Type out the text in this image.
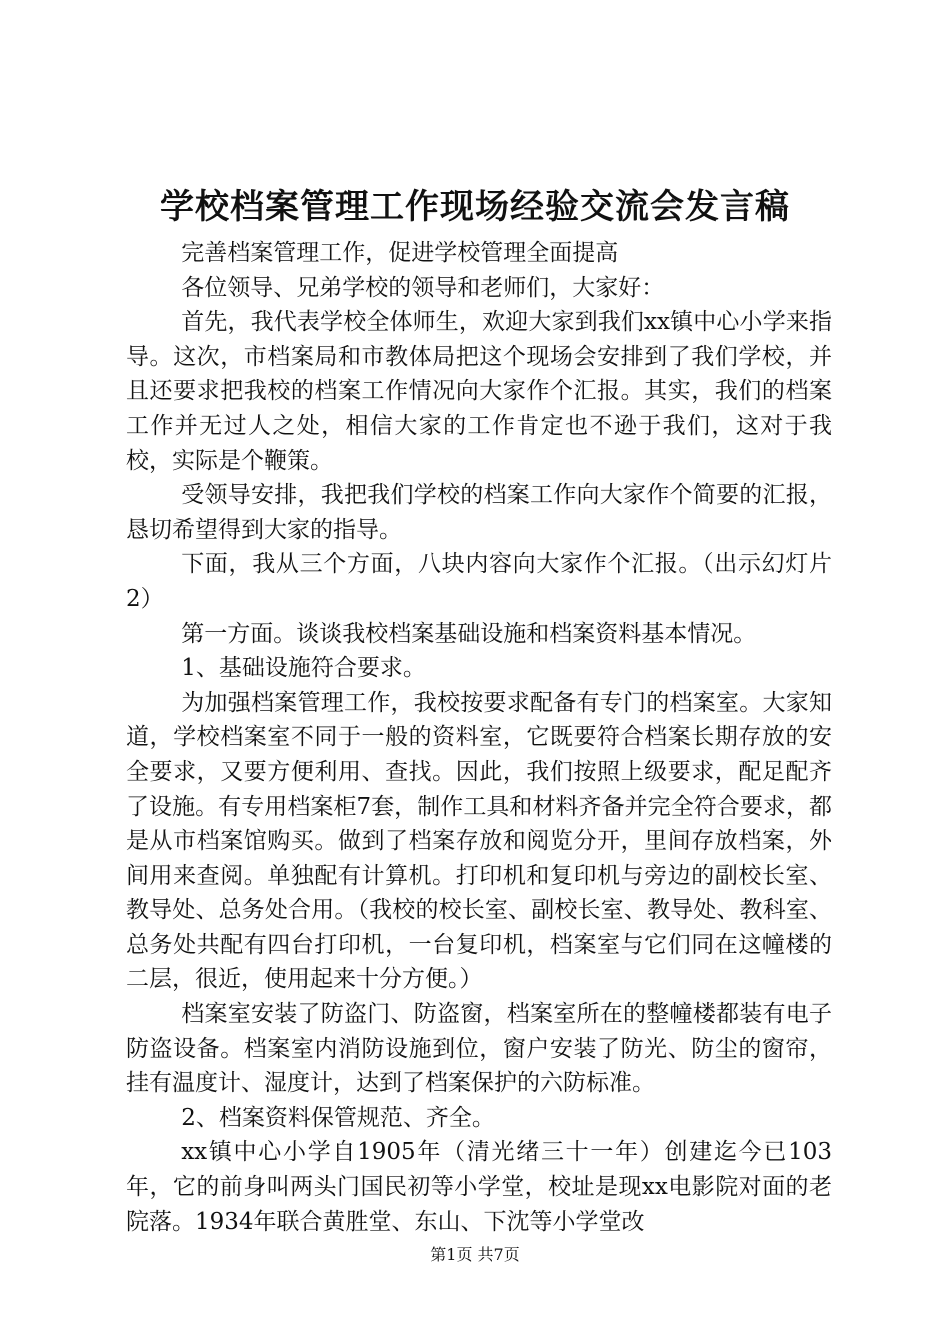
学校档案管理工作现场经验交流会发言稿

完善档案管理工作，促进学校管理全面提高

各位领导、兄弟学校的领导和老师们，大家好：

首先，我代表学校全体师生，欢迎大家到我们xx镇中心小学来指导。这次，市档案局和市教体局把这个现场会安排到了我们学校，并且还要求把我校的档案工作情况向大家作个汇报。其实，我们的档案工作并无过人之处，相信大家的工作肯定也不逊于我们，这对于我校，实际是个鞭策。

受领导安排，我把我们学校的档案工作向大家作个简要的汇报，恳切希望得到大家的指导。

下面，我从三个方面，八块内容向大家作个汇报。（出示幻灯片2）

第一方面。谈谈我校档案基础设施和档案资料基本情况。

1、基础设施符合要求。

为加强档案管理工作，我校按要求配备有专门的档案室。大家知道，学校档案室不同于一般的资料室，它既要符合档案长期存放的安全要求，又要方便利用、查找。因此，我们按照上级要求，配足配齐了设施。有专用档案柜7套，制作工具和材料齐备并完全符合要求，都是从市档案馆购买。做到了档案存放和阅览分开，里间存放档案，外间用来查阅。单独配有计算机。打印机和复印机与旁边的副校长室、教导处、总务处合用。（我校的校长室、副校长室、教导处、教科室、总务处共配有四台打印机，一台复印机，档案室与它们同在这幢楼的二层，很近，使用起来十分方便。）

档案室安装了防盗门、防盗窗，档案室所在的整幢楼都装有电子防盗设备。档案室内消防设施到位，窗户安装了防光、防尘的窗帘，挂有温度计、湿度计，达到了档案保护的六防标准。

2、档案资料保管规范、齐全。

xx镇中心小学自1905年（清光绪三十一年）创建迄今已103年，它的前身叫两头门国民初等小学堂，校址是现xx电影院对面的老院落。1934年联合黄胜堂、东山、下沈等小学堂改

第1页 共7页
